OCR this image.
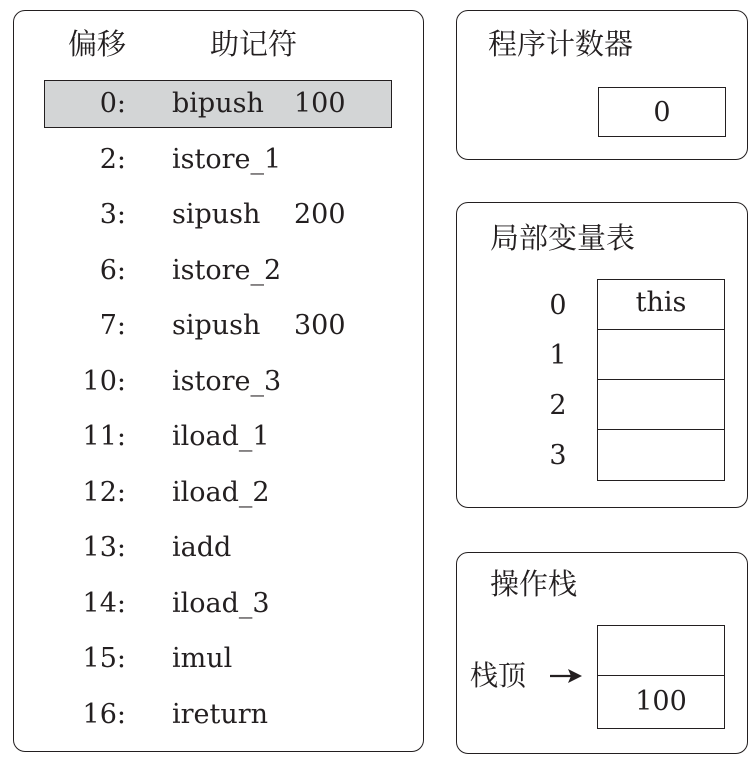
偏移	助记符
0: bipush 100
2: istore_1
3: sipush 200
6: istore_2
7: sipush 300
10: istore_3
11: iload_1
12: iload_2
13: iadd
14: iload_3
15: imul
16: ireturn
程序计数器
0
局部变量表
0
1
2
3
this
操作栈
栈顶
100
